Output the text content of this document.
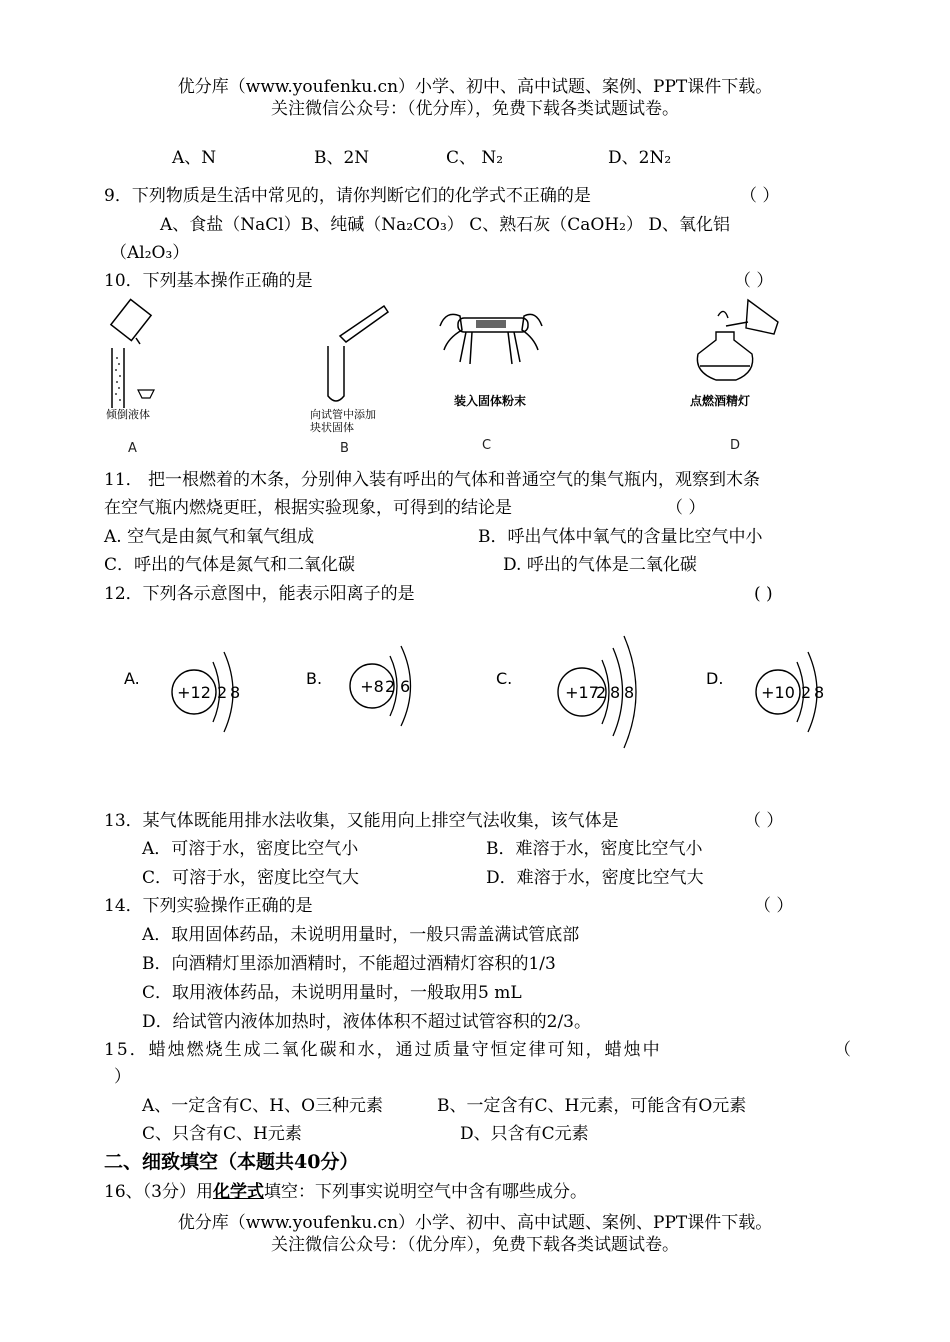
优分库（www.youfenku.cn）小学、初中、高中试题、案例、PPT课件下载。
关注微信公众号：（优分库），免费下载各类试题试卷。
A、N	B、2N	C、 N₂	D、2N₂
9．下列物质是生活中常见的，请你判断它们的化学式不正确的是	（ ）
A、食盐（NaCl）B、纯碱（Na₂CO₃） C、熟石灰（CaOH₂） D、氧化铝
（Al₂O₃）
10．下列基本操作正确的是	（ ）
倾倒液体
A
向试管中添加
块状固体
B
装入固体粉末
C
点燃酒精灯
D
11． 把一根燃着的木条，分别伸入装有呼出的气体和普通空气的集气瓶内，观察到木条
在空气瓶内燃烧更旺，根据实验现象，可得到的结论是	（ ）
A. 空气是由氮气和氧气组成	B．呼出气体中氧气的含量比空气中小
C．呼出的气体是氮气和二氧化碳	D. 呼出的气体是二氧化碳
12．下列各示意图中，能表示阳离子的是	( )
A.
+12 2 8
B. +8 2 6	C.
+17
2 8 8
D.
+10 2 8
13．某气体既能用排水法收集，又能用向上排空气法收集，该气体是	（ ）
A．可溶于水，密度比空气小	B．难溶于水，密度比空气小
C．可溶于水，密度比空气大	D．难溶于水，密度比空气大
14．下列实验操作正确的是	（ ）
A．取用固体药品，未说明用量时，一般只需盖满试管底部
B．向酒精灯里添加酒精时，不能超过酒精灯容积的1/3
C．取用液体药品，未说明用量时，一般取用5 mL
D．给试管内液体加热时，液体体积不超过试管容积的2/3。
15．蜡烛燃烧生成二氧化碳和水，通过质量守恒定律可知，蜡烛中	（
）
A、一定含有C、H、O三种元素	B、一定含有C、H元素，可能含有O元素
C、只含有C、H元素	D、只含有C元素
二、细致填空（本题共40分）
16、（3分）用化学式填空：下列事实说明空气中含有哪些成分。
优分库（www.youfenku.cn）小学、初中、高中试题、案例、PPT课件下载。
关注微信公众号：（优分库），免费下载各类试题试卷。
